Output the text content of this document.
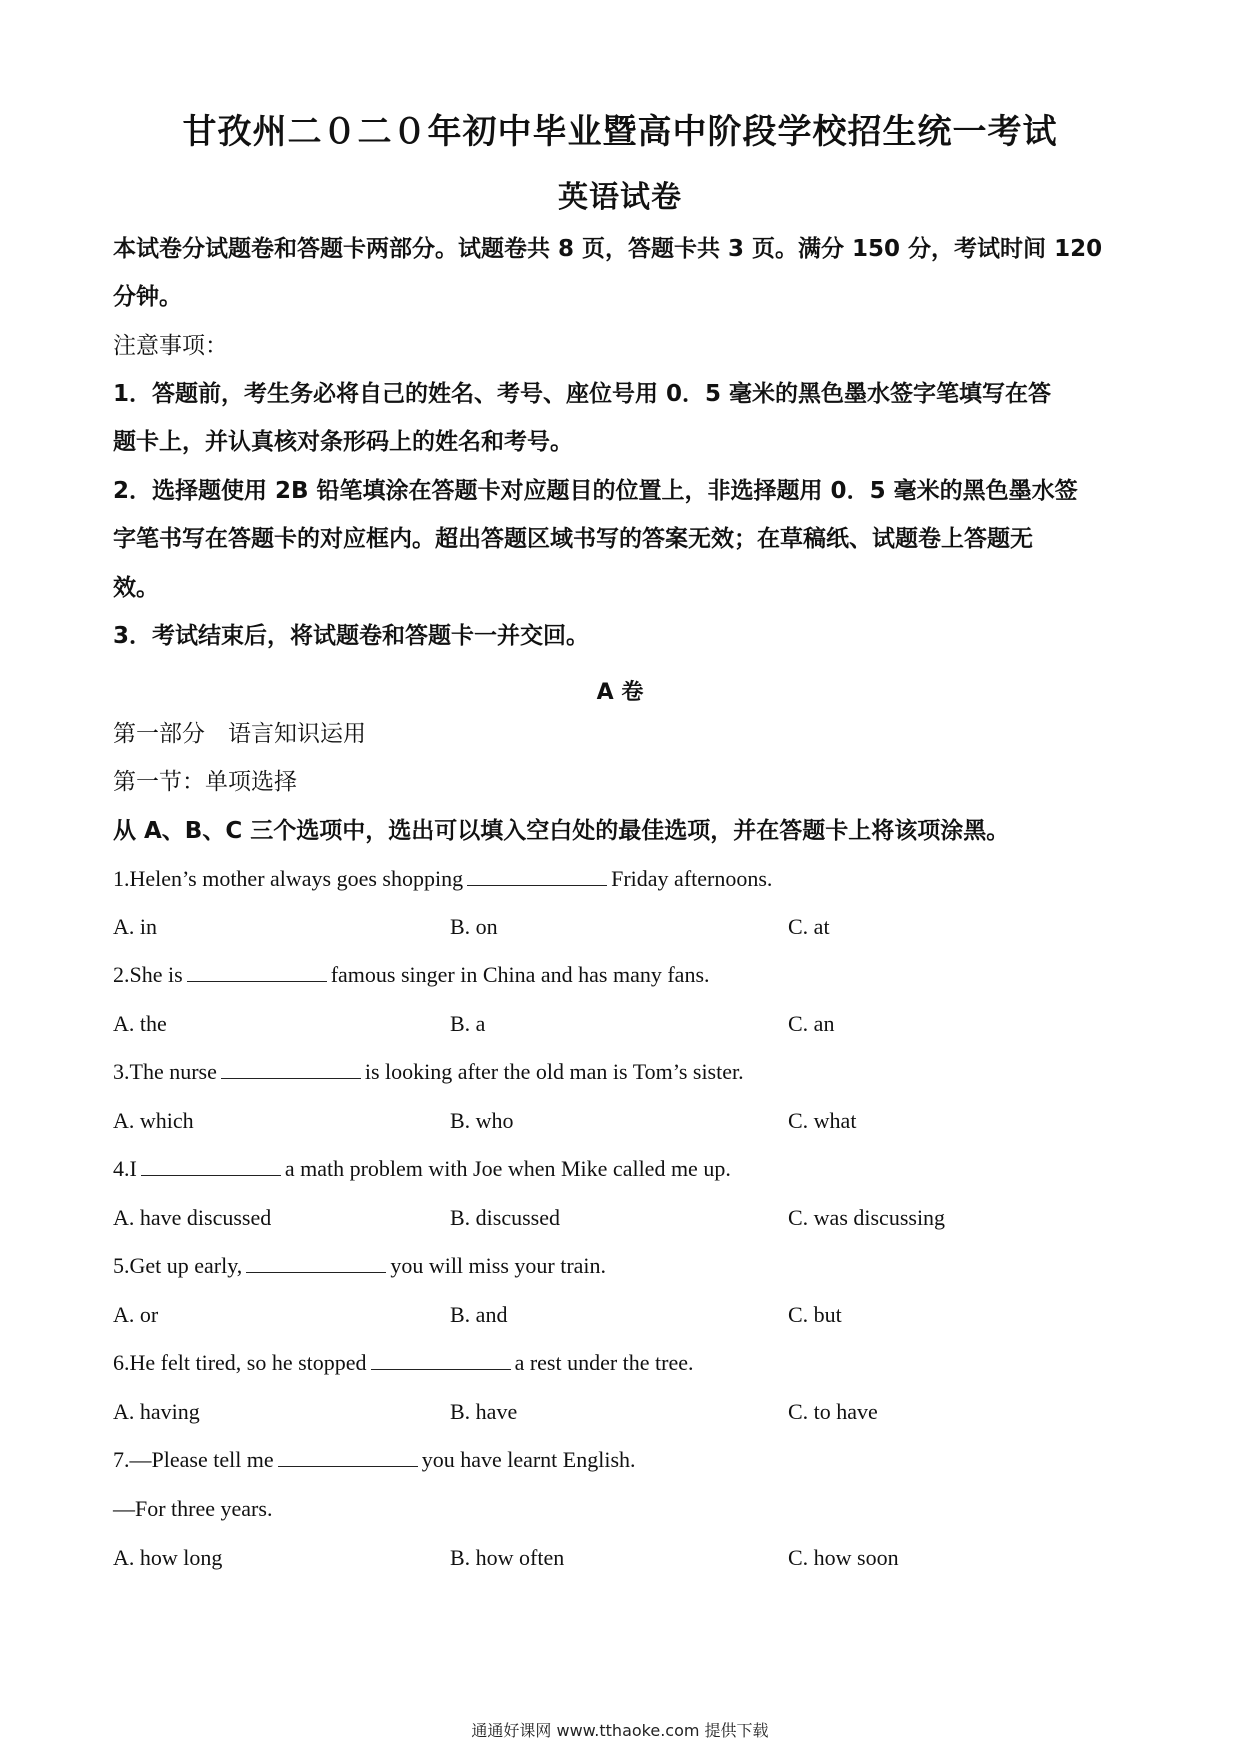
甘孜州二０二０年初中毕业暨高中阶段学校招生统一考试
英语试卷
本试卷分试题卷和答题卡两部分。试题卷共 8 页，答题卡共 3 页。满分 150 分，考试时间 120
分钟。
注意事项：
1．答题前，考生务必将自己的姓名、考号、座位号用 0．5 毫米的黑色墨水签字笔填写在答
题卡上，并认真核对条形码上的姓名和考号。
2．选择题使用 2B 铅笔填涂在答题卡对应题目的位置上，非选择题用 0．5 毫米的黑色墨水签
字笔书写在答题卡的对应框内。超出答题区域书写的答案无效；在草稿纸、试题卷上答题无
效。
3．考试结束后，将试题卷和答题卡一并交回。
A 卷
第一部分　语言知识运用
第一节：单项选择
从 A、B、C 三个选项中，选出可以填入空白处的最佳选项，并在答题卡上将该项涂黑。
1.Helen’s mother always goes shopping	Friday afternoons.
A. in	B. on	C. at
2.She is	famous singer in China and has many fans.
A. the	B. a	C. an
3.The nurse	is looking after the old man is Tom’s sister.
A. which	B. who	C. what
4.I	a math problem with Joe when Mike called me up.
A. have discussed	B. discussed	C. was discussing
5.Get up early,	you will miss your train.
A. or	B. and	C. but
6.He felt tired, so he stopped	a rest under the tree.
A. having	B. have	C. to have
7.—Please tell me	you have learnt English.
—For three years.
A. how long	B. how often	C. how soon
通通好课网 www.tthaoke.com 提供下载
